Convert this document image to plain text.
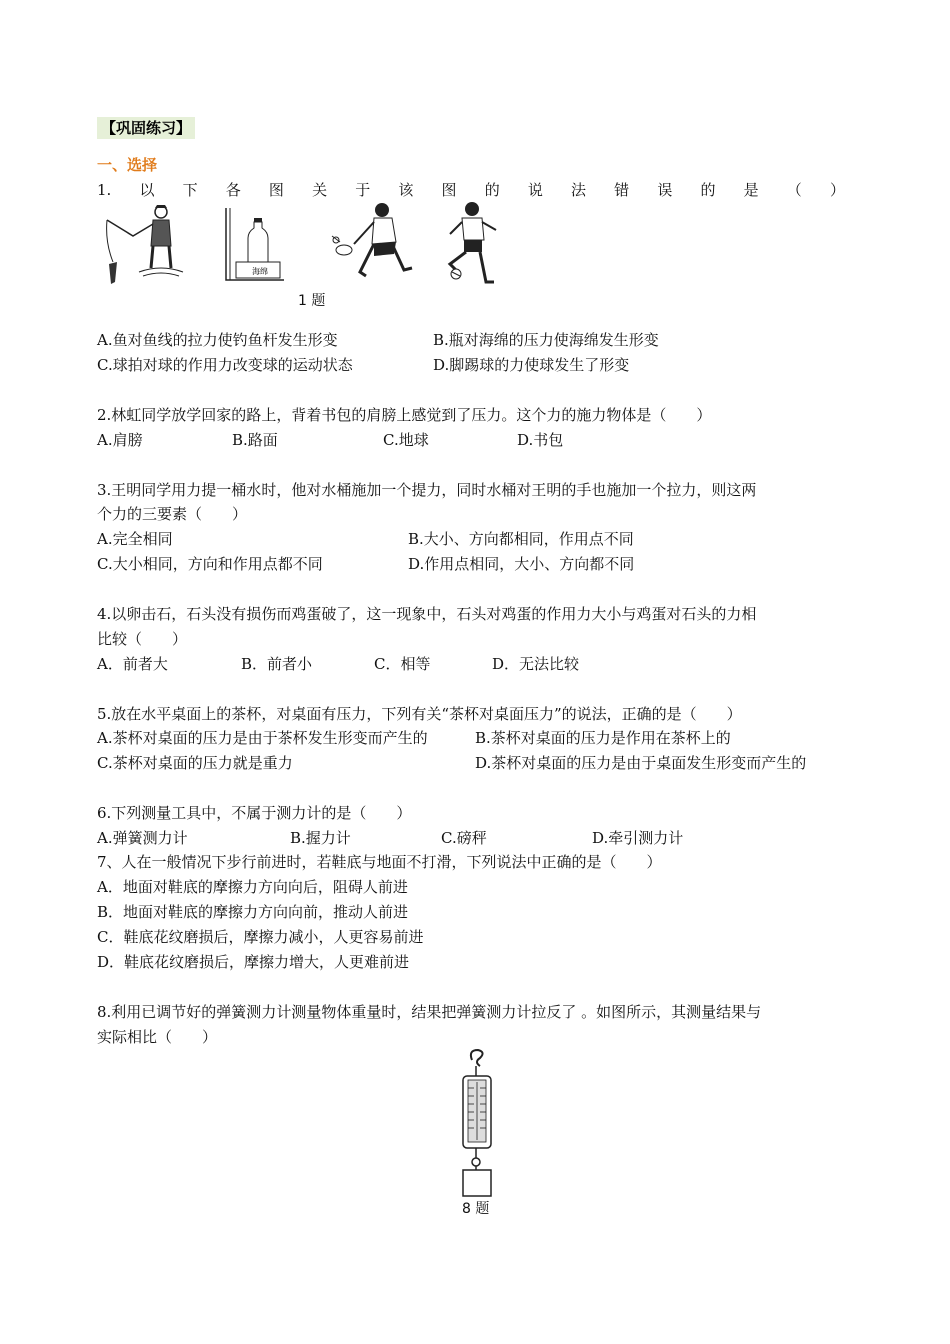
【巩固练习】
一、选择
1. 以 下 各 图 关 于 该 图 的 说 法 错 误 的 是 （ ）
海绵
1 题
A.鱼对鱼线的拉力使钓鱼杆发生形变	B.瓶对海绵的压力使海绵发生形变
C.球拍对球的作用力改变球的运动状态	D.脚踢球的力使球发生了形变
2.林虹同学放学回家的路上，背着书包的肩膀上感觉到了压力。这个力的施力物体是（　　）
A.肩膀	B.路面	C.地球	D.书包
3.王明同学用力提一桶水时，他对水桶施加一个提力，同时水桶对王明的手也施加一个拉力，则这两
个力的三要素（　　）
A.完全相同	B.大小、方向都相同，作用点不同
C.大小相同，方向和作用点都不同	D.作用点相同，大小、方向都不同
4.以卵击石，石头没有损伤而鸡蛋破了，这一现象中，石头对鸡蛋的作用力大小与鸡蛋对石头的力相
比较（　　）
A．前者大	B．前者小	C．相等	D．无法比较
5.放在水平桌面上的茶杯，对桌面有压力，下列有关“茶杯对桌面压力”的说法，正确的是（　　）
A.茶杯对桌面的压力是由于茶杯发生形变而产生的	B.茶杯对桌面的压力是作用在茶杯上的
C.茶杯对桌面的压力就是重力	D.茶杯对桌面的压力是由于桌面发生形变而产生的
6.下列测量工具中，不属于测力计的是（　　）
A.弹簧测力计	B.握力计	C.磅秤	D.牵引测力计
7、人在一般情况下步行前进时，若鞋底与地面不打滑，下列说法中正确的是（　　）
A．地面对鞋底的摩擦力方向向后，阻碍人前进
B．地面对鞋底的摩擦力方向向前，推动人前进
C．鞋底花纹磨损后，摩擦力减小，人更容易前进
D．鞋底花纹磨损后，摩擦力增大，人更难前进
8.利用已调节好的弹簧测力计测量物体重量时，结果把弹簧测力计拉反了 。如图所示，其测量结果与
实际相比（　　）
8 题
